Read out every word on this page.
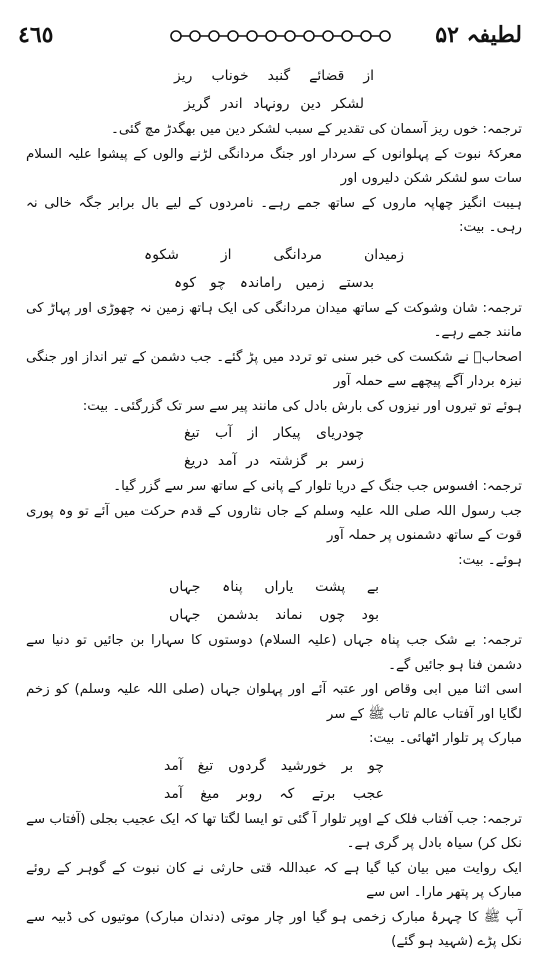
٤٦٥	لطیفہ ۵۲
از
قضائے
گنبد
خوناب
ریز
لشکر
دین
رونہاد
اندر
گریز

ترجمہ: خوں ریز آسمان کی تقدیر کے سبب لشکر دین میں بھگدڑ مچ گئی۔

معرکۂ نبوت کے پہلوانوں کے سردار اور جنگ مردانگی لڑنے والوں کے پیشوا علیہ السلام سات سو لشکر شکن دلیروں اور

ہیبت انگیز چھاپہ ماروں کے ساتھ جمے رہے۔ نامردوں کے لیے بال برابر جگہ خالی نہ رہی۔ بیت:

زمیدان
مردانگی
از
شکوہ
بدستے
زمیں
راماندہ
چو
کوہ

ترجمہ: شان وشوکت کے ساتھ میدان مردانگی کی ایک ہاتھ زمین نہ چھوڑی اور پہاڑ کی مانند جمے رہے۔

اصحابؓ نے شکست کی خبر سنی تو تردد میں پڑ گئے۔ جب دشمن کے تیر انداز اور جنگی نیزہ بردار آگے پیچھے سے حملہ آور

ہوئے تو تیروں اور نیزوں کی بارش بادل کی مانند پیر سے سر تک گزرگئی۔ بیت:

چودریای
پیکار
از
آب
تیغ
زسر
بر
گزشتہ
در
آمد
دریغ

ترجمہ: افسوس جب جنگ کے دریا تلوار کے پانی کے ساتھ سر سے گزر گیا۔

جب رسول اللہ صلی اللہ علیہ وسلم کے جاں نثاروں کے قدم حرکت میں آئے تو وہ پوری قوت کے ساتھ دشمنوں پر حملہ آور

ہوئے۔ بیت:

بے
پشت
یاراں
پناہ
جہاں
بود
چوں
نماند
بدشمن
جہاں

ترجمہ: بے شک جب پناہ جہاں (علیہ السلام) دوستوں کا سہارا بن جائیں تو دنیا سے دشمن فنا ہو جائیں گے۔

اسی اثنا میں ابی وقاص اور عتبہ آئے اور پہلوان جہاں (صلی اللہ علیہ وسلم) کو زخم لگایا اور آفتاب عالم تاب ﷺ کے سر

مبارک پر تلوار اٹھائی۔ بیت:

چو
بر
خورشید
گردوں
تیغ
آمد
عجب
برتے
کہ
روبر
میغ
آمد

ترجمہ: جب آفتاب فلک کے اوپر تلوار آ گئی تو ایسا لگتا تھا کہ ایک عجیب بجلی (آفتاب سے نکل کر) سیاہ بادل پر گری ہے۔

ایک روایت میں بیان کیا گیا ہے کہ عبداللہ قتی حارثی نے کان نبوت کے گوہر کے روئے مبارک پر پتھر مارا۔ اس سے

آپ ﷺ کا چہرۂ مبارک زخمی ہو گیا اور چار موتی (دندان مبارک) موتیوں کی ڈبیہ سے نکل پڑے (شہید ہو گئے)
